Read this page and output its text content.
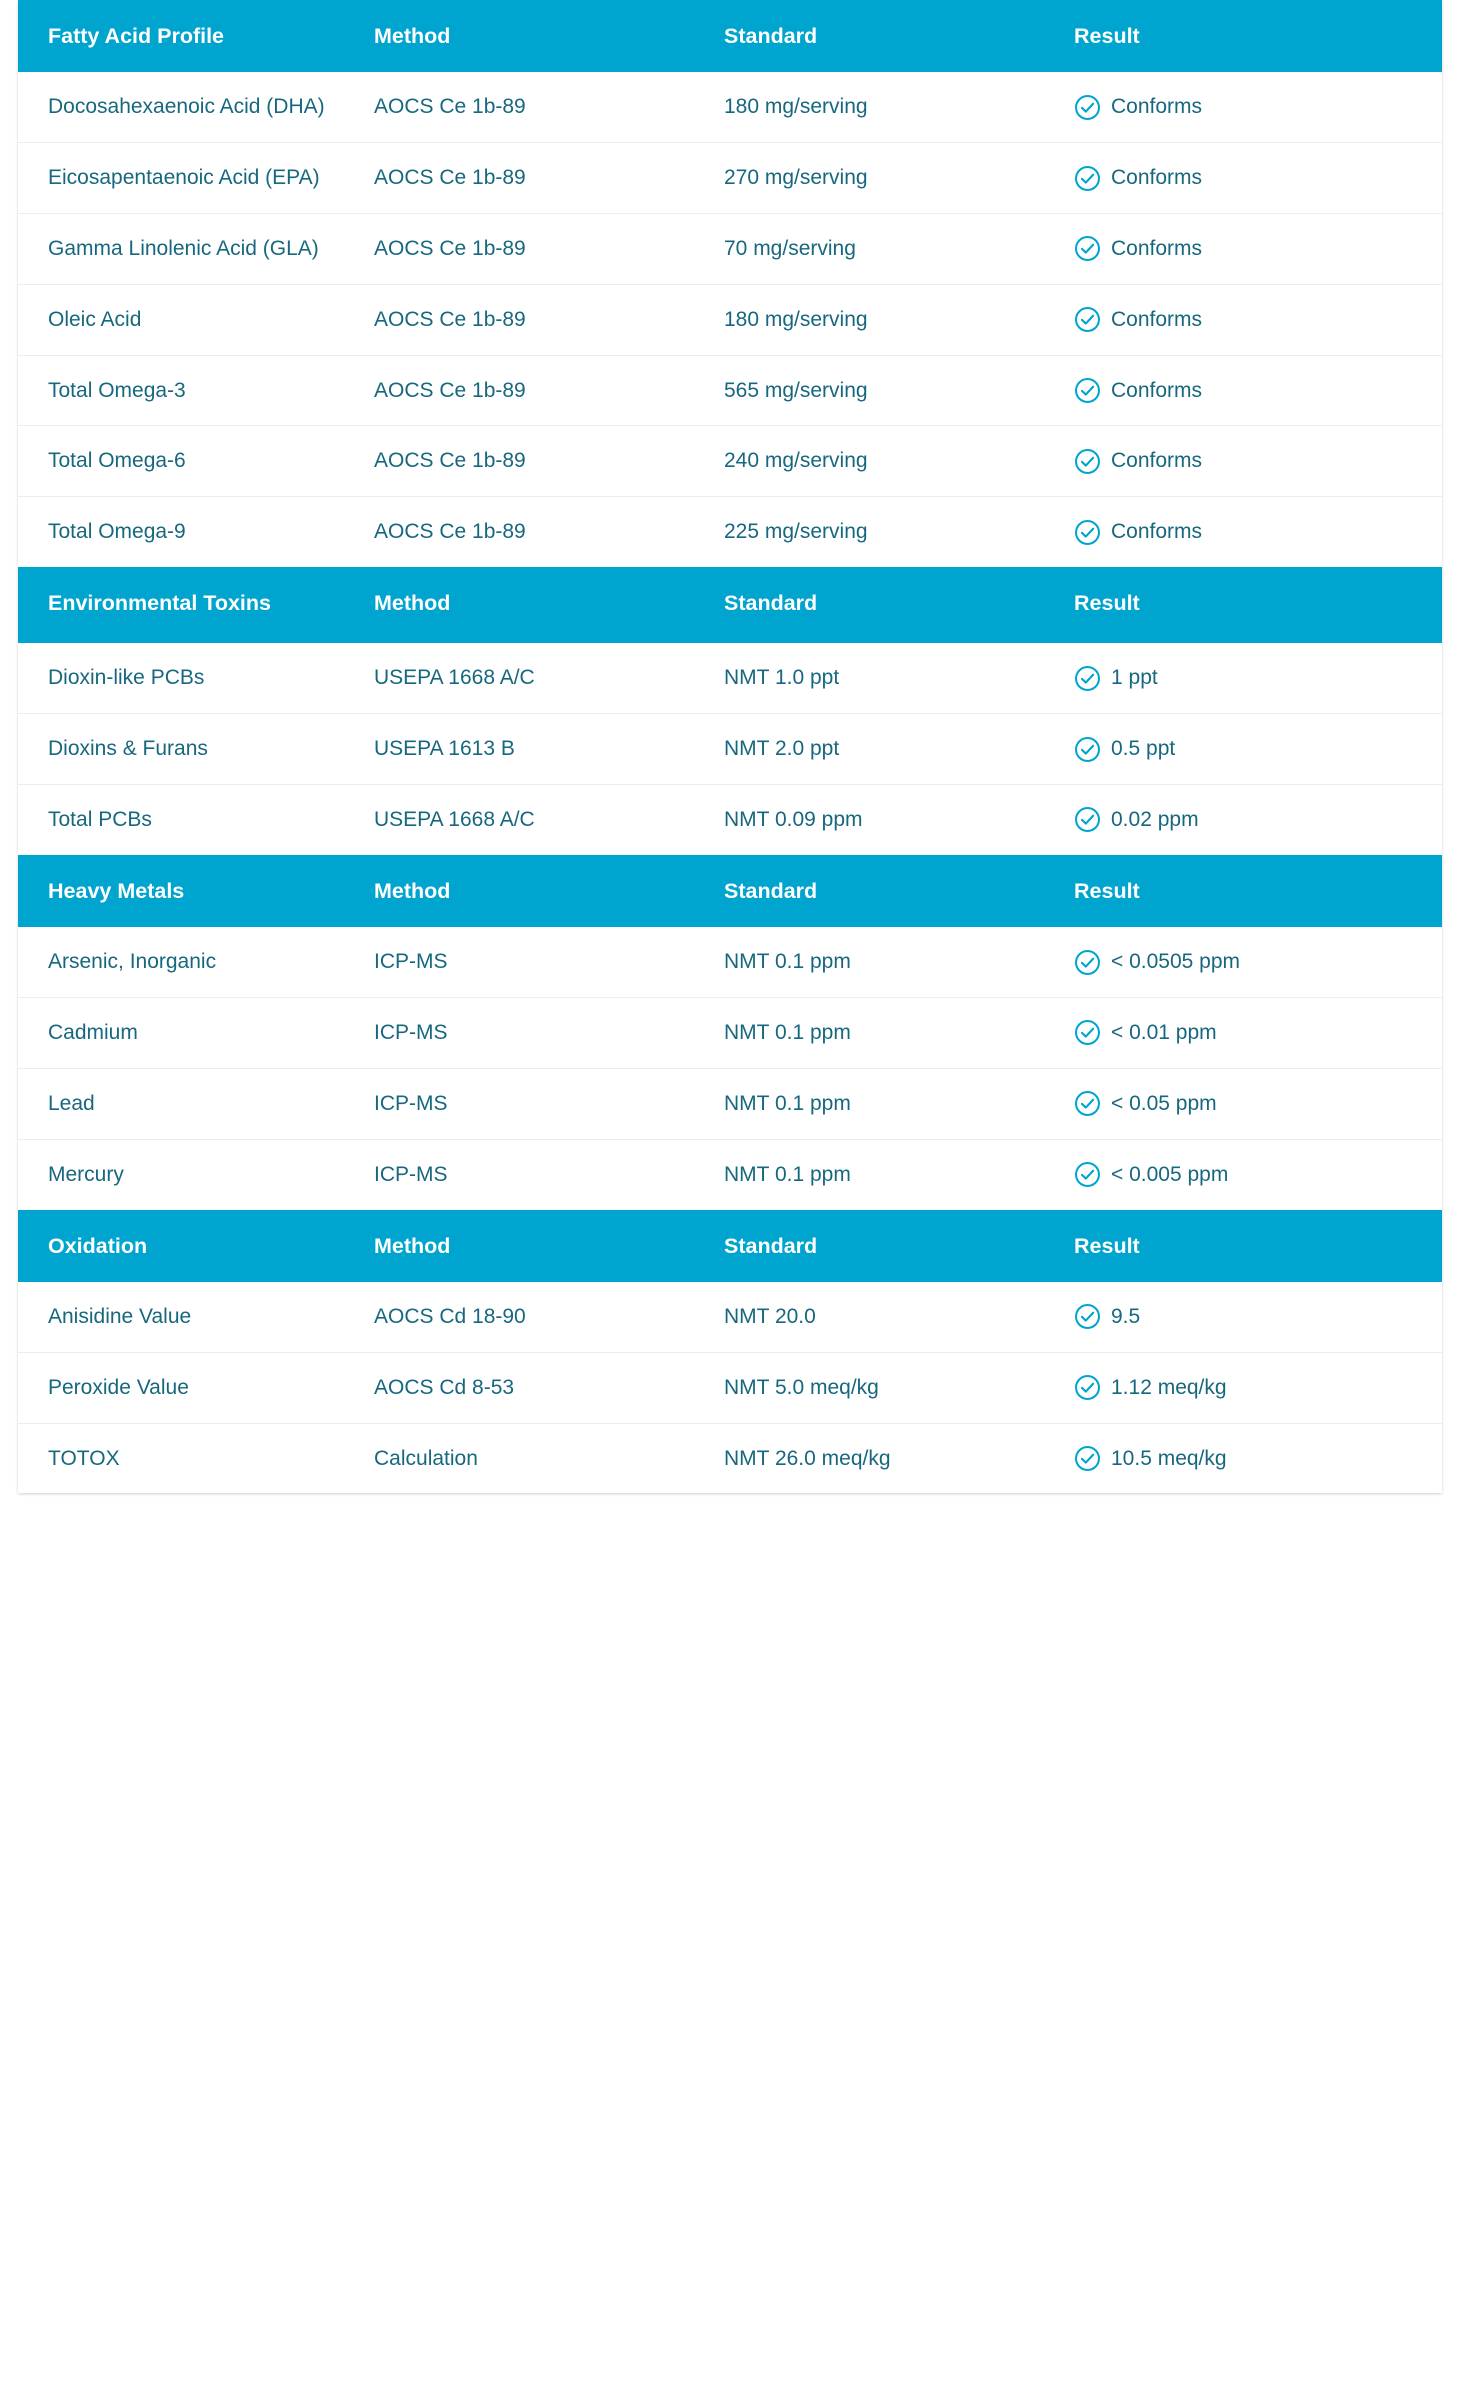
Fatty Acid Profile	Method	Standard	Result

Docosahexaenoic Acid (DHA)	AOCS Ce 1b-89	180 mg/serving	Conforms

Eicosapentaenoic Acid (EPA)	AOCS Ce 1b-89	270 mg/serving	Conforms

Gamma Linolenic Acid (GLA)	AOCS Ce 1b-89	70 mg/serving	Conforms

Oleic Acid	AOCS Ce 1b-89	180 mg/serving	Conforms

Total Omega-3	AOCS Ce 1b-89	565 mg/serving	Conforms

Total Omega-6	AOCS Ce 1b-89	240 mg/serving	Conforms

Total Omega-9	AOCS Ce 1b-89	225 mg/serving	Conforms

Environmental Toxins	Method	Standard	Result

Dioxin-like PCBs	USEPA 1668 A/C	NMT 1.0 ppt	1 ppt

Dioxins & Furans	USEPA 1613 B	NMT 2.0 ppt	0.5 ppt

Total PCBs	USEPA 1668 A/C	NMT 0.09 ppm	0.02 ppm

Heavy Metals	Method	Standard	Result

Arsenic, Inorganic	ICP-MS	NMT 0.1 ppm	< 0.0505 ppm

Cadmium	ICP-MS	NMT 0.1 ppm	< 0.01 ppm

Lead	ICP-MS	NMT 0.1 ppm	< 0.05 ppm

Mercury	ICP-MS	NMT 0.1 ppm	< 0.005 ppm

Oxidation	Method	Standard	Result

Anisidine Value	AOCS Cd 18-90	NMT 20.0	9.5

Peroxide Value	AOCS Cd 8-53	NMT 5.0 meq/kg	1.12 meq/kg

TOTOX	Calculation	NMT 26.0 meq/kg	10.5 meq/kg
